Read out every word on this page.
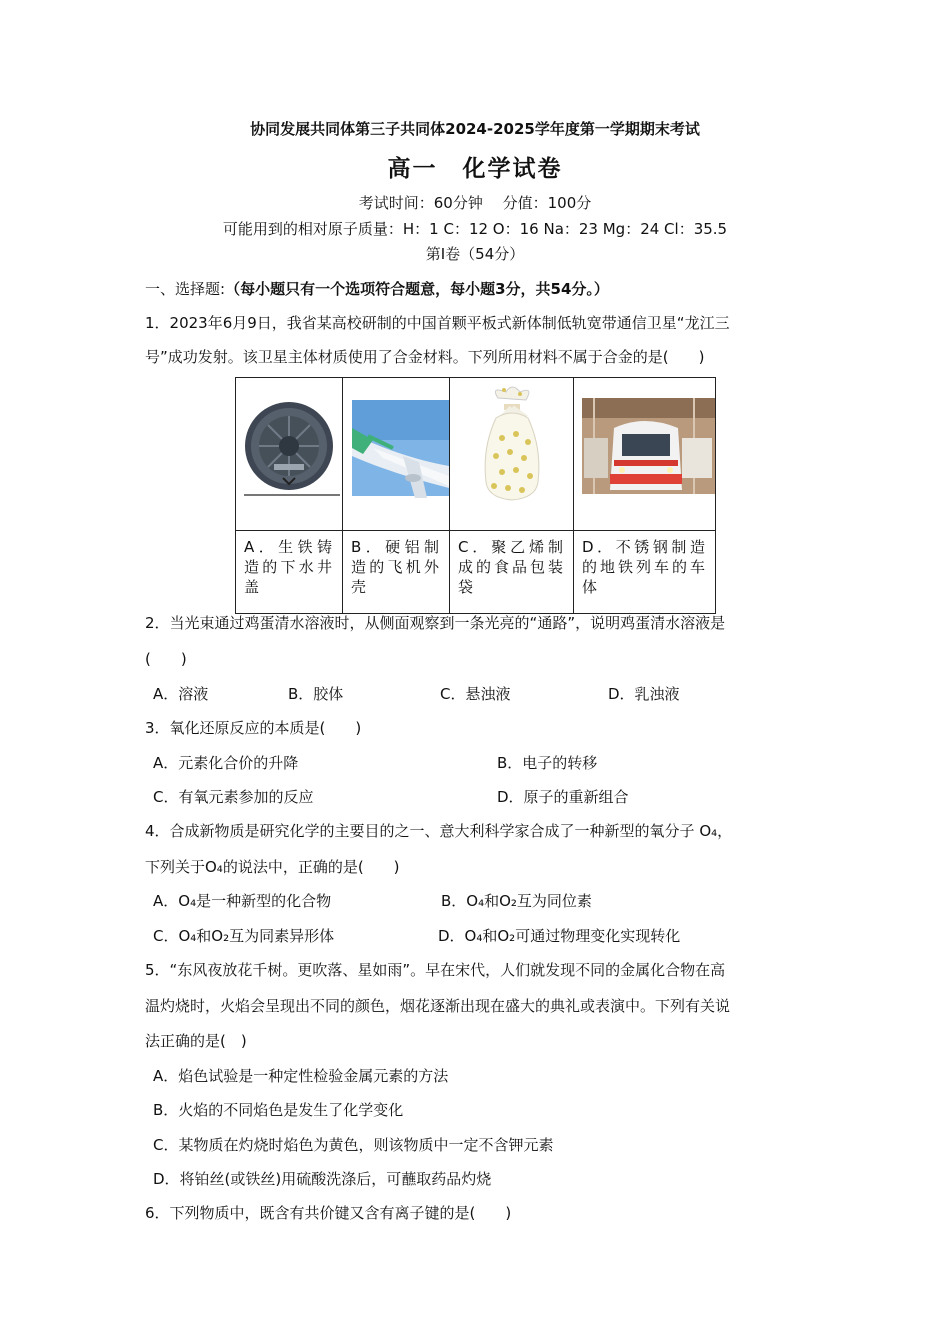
协同发展共同体第三子共同体2024-2025学年度第一学期期末考试
高一　化学试卷
考试时间：60分钟　 分值：100分
可能用到的相对原子质量：H：1 C：12 O：16 Na：23 Mg：24 Cl：35.5
第Ⅰ卷（54分）
一、选择题:（每小题只有一个选项符合题意，每小题3分，共54分。）
1．2023年6月9日，我省某高校研制的中国首颗平板式新体制低轨宽带通信卫星“龙江三
号”成功发射。该卫星主体材质使用了合金材料。下列所用材料不属于合金的是(　　)

A．生铁铸造的下水井盖	B．硬铝制造的飞机外壳	C．聚乙烯制成的食品包装袋	D．不锈钢制造的地铁列车的车体
2．当光束通过鸡蛋清水溶液时，从侧面观察到一条光亮的“通路”，说明鸡蛋清水溶液是
(　　)
A．溶液	B．胶体	C．悬浊液	D．乳浊液
3．氧化还原反应的本质是(　　)
A．元素化合价的升降	B．电子的转移
C．有氧元素参加的反应	D．原子的重新组合
4．合成新物质是研究化学的主要目的之一、意大利科学家合成了一种新型的氧分子 O₄，
下列关于O₄的说法中，正确的是(　　)
A．O₄是一种新型的化合物	B．O₄和O₂互为同位素
C．O₄和O₂互为同素异形体	D．O₄和O₂可通过物理变化实现转化
5．“东风夜放花千树。更吹落、星如雨”。早在宋代，人们就发现不同的金属化合物在高
温灼烧时，火焰会呈现出不同的颜色，烟花逐渐出现在盛大的典礼或表演中。下列有关说
法正确的是(　)
A．焰色试验是一种定性检验金属元素的方法
B．火焰的不同焰色是发生了化学变化
C．某物质在灼烧时焰色为黄色，则该物质中一定不含钾元素
D．将铂丝(或铁丝)用硫酸洗涤后，可蘸取药品灼烧
6．下列物质中，既含有共价键又含有离子键的是(　　)
